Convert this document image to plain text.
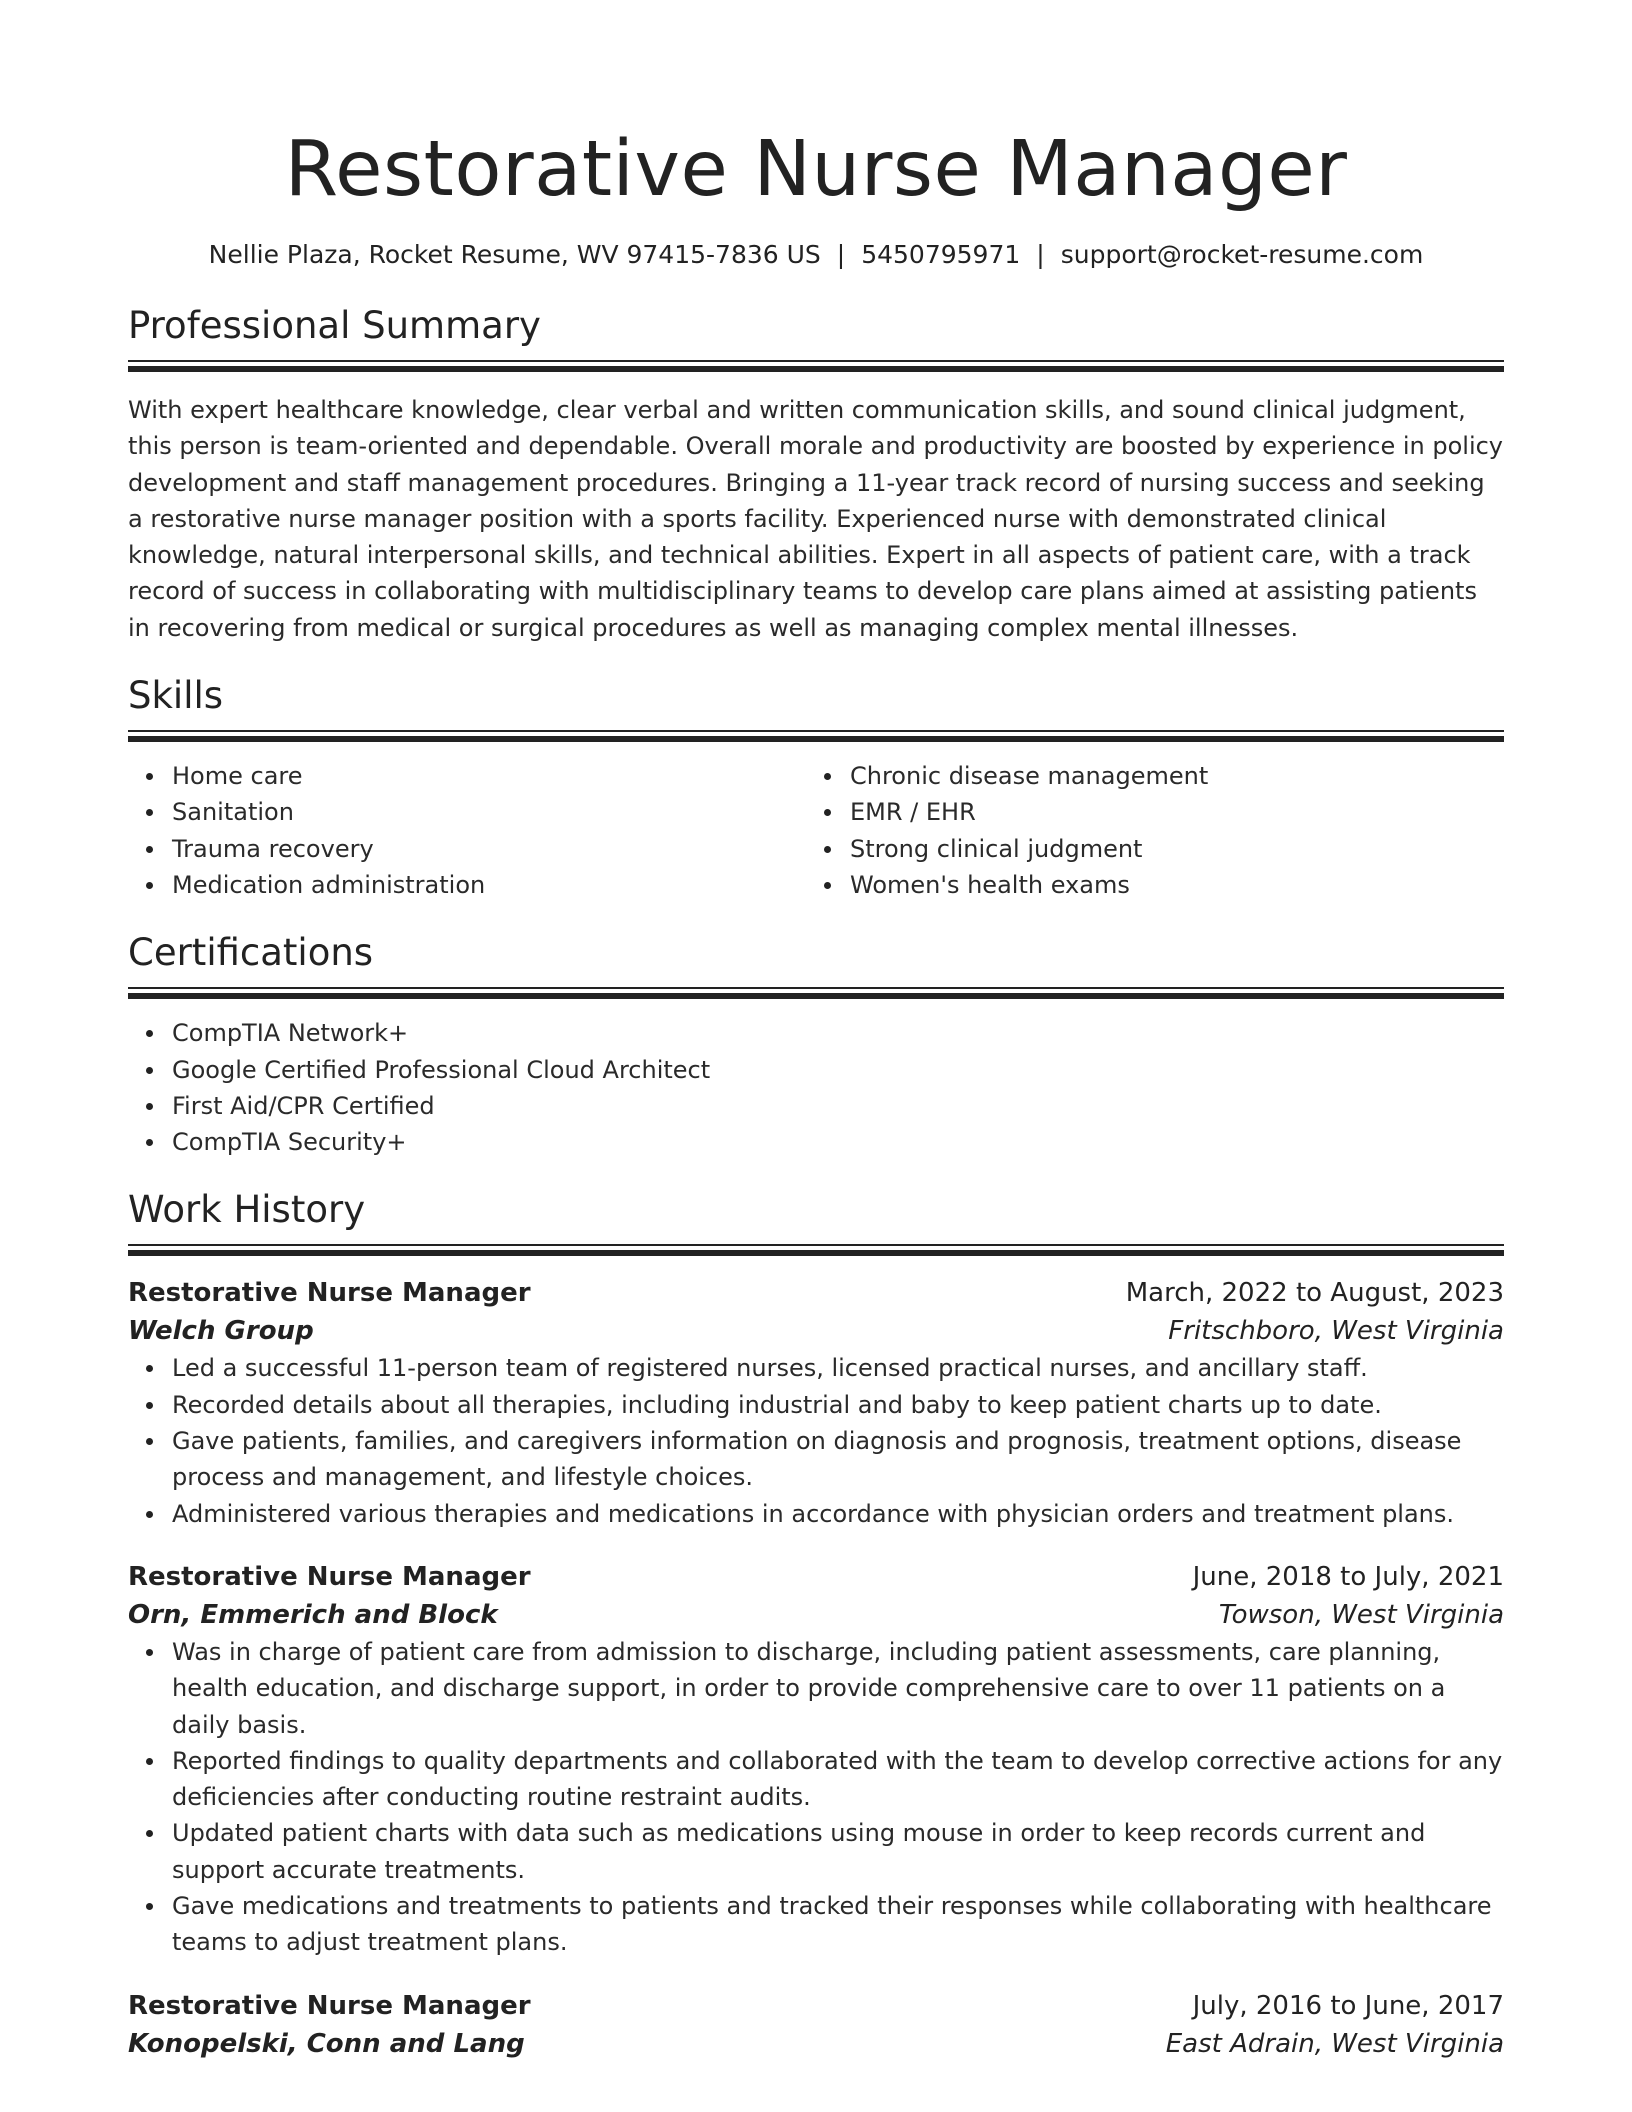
Restorative Nurse Manager
Nellie Plaza, Rocket Resume, WV 97415-7836 US | 5450795971 | support@rocket-resume.com
Professional Summary

With expert healthcare knowledge, clear verbal and written communication skills, and sound clinical judgment, this person is team-oriented and dependable. Overall morale and productivity are boosted by experience in policy development and staff management procedures. Bringing a 11-year track record of nursing success and seeking a restorative nurse manager position with a sports facility. Experienced nurse with demonstrated clinical knowledge, natural interpersonal skills, and technical abilities. Expert in all aspects of patient care, with a track record of success in collaborating with multidisciplinary teams to develop care plans aimed at assisting patients in recovering from medical or surgical procedures as well as managing complex mental illnesses.

Skills
Home care
Sanitation
Trauma recovery
Medication administration
Chronic disease management
EMR / EHR
Strong clinical judgment
Women's health exams
Certifications
CompTIA Network+
Google Certified Professional Cloud Architect
First Aid/CPR Certified
CompTIA Security+
Work History
Restorative Nurse Manager	March, 2022 to August, 2023
Welch Group	Fritschboro, West Virginia
Led a successful 11-person team of registered nurses, licensed practical nurses, and ancillary staff.
Recorded details about all therapies, including industrial and baby to keep patient charts up to date.
Gave patients, families, and caregivers information on diagnosis and prognosis, treatment options, disease process and management, and lifestyle choices.
Administered various therapies and medications in accordance with physician orders and treatment plans.
Restorative Nurse Manager	June, 2018 to July, 2021
Orn, Emmerich and Block	Towson, West Virginia
Was in charge of patient care from admission to discharge, including patient assessments, care planning, health education, and discharge support, in order to provide comprehensive care to over 11 patients on a daily basis.
Reported findings to quality departments and collaborated with the team to develop corrective actions for any deficiencies after conducting routine restraint audits.
Updated patient charts with data such as medications using mouse in order to keep records current and support accurate treatments.
Gave medications and treatments to patients and tracked their responses while collaborating with healthcare teams to adjust treatment plans.
Restorative Nurse Manager	July, 2016 to June, 2017
Konopelski, Conn and Lang	East Adrain, West Virginia
